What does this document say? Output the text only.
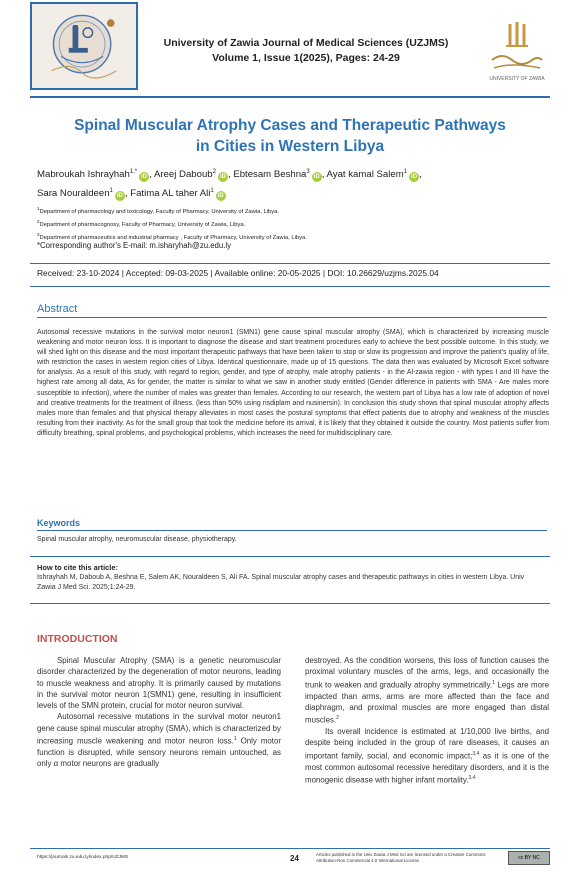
University of Zawia Journal of Medical Sciences (UZJMS)
Volume 1, Issue 1(2025), Pages: 24-29
UNIVERSITY OF ZAWIA
Spinal Muscular Atrophy Cases and Therapeutic Pathways
in Cities in Western Libya
Mabroukah Ishrayhah$^{1,*}$iD , Areej Daboub$^2$iD , Ebtesam Beshna$^3$iD , Ayat kamal Salem$^1$iD ,
Sara Nouraldeen$^1$iD , Fatima AL taher Ali$^1$iD
$^1$Department of pharmacology and toxicology, Faculty of Pharmacy, University of Zawia, Libya.
$^2$Department of pharmacognosy, Faculty of Pharmacy, University of Zawia, Libya.
$^3$Department of pharmaceutics and industrial pharmacy , Faculty of Pharmacy, University of Zawia, Libya.
*Corresponding author's E-mail: m.isharyhah@zu.edu.ly
Received: 23-10-2024 | Accepted: 09-03-2025 | Available online: 20-05-2025 | DOI: 10.26629/uzjms.2025.04
Abstract
Autosomal recessive mutations in the survival motor neuron1 (SMN1) gene cause spinal muscular atrophy (SMA), which is characterized by increasing muscle weakening and motor neuron loss. It is important to diagnose the disease and start treatment procedures early to achieve the best possible outcome. In this study, we will shed light on this disease and the most important therapeutic pathways that have been taken to stop or slow its progression and improve the patient's quality of life, with restriction the cases in western region cities of Libya. Identical questionnaire, made up of 15 questions. The data then was evaluated by Microsoft Excel software for analysis. As a result of this study, with regard to region, gender, and type of atrophy, male atrophy patients - in the Al-zawia region - with types I and III have the highest rate among all data, As for gender, the matter is similar to what we saw in another study entitled (Gender difference in patients with SMA - Are males more susceptible to infection), where the number of males was greater than females. According to our research, the western part of Libya has a low rate of adoption of novel and creative treatments for the treatment of illness. (less than 50% using risdiplam and nusinersin). In conclusion this study shows that spinal muscular atrophy affects males more than females and that physical therapy alleviates in most cases the postural symptoms that effect patients due to atrophy and weakness of the muscles resulting from their inactivity. As for the small group that took the medicine before its arrival, it is likely that they obtained it outside the country. Most patients suffer from difficulty breathing, spinal problems, and psychological problems, which increases the need for multidisciplinary care.
Keywords
Spinal muscular atrophy, neuromuscular disease, physiotherapy.
How to cite this article:
Ishrayhah M, Daboub A, Beshna E, Salem AK, Nouraldeen S, Ali FA. Spinal muscular atrophy cases and therapeutic pathways in cities in western Libya. Univ Zawia J Med Sci. 2025;1:24-29.
INTRODUCTION

Spinal Muscular Atrophy (SMA) is a genetic neuromuscular disorder characterized by the degeneration of motor neurons, leading to muscle weakness and atrophy. It is primarily caused by mutations in the survival motor neuron 1(SMN1) gene, resulting in insufficient levels of the SMN protein, crucial for motor neuron survival.

Autosomal recessive mutations in the survival motor neuron1 gene cause spinal muscular atrophy (SMA), which is characterized by increasing muscle weakening and motor neuron loss.$^1$ Only motor function is disrupted, while sensory neurons remain untouched, as only α motor neurons are gradually

destroyed. As the condition worsens, this loss of function causes the proximal voluntary muscles of the arms, legs, and occasionally the trunk to weaken and gradually atrophy symmetrically.$^1$ Legs are more impacted than arms, arms are more affected than the face and diaphragm, and proximal muscles are more engaged than distal muscles.$^2$

Its overall incidence is estimated at 1/10,000 live births, and despite being included in the group of rare diseases, it causes an important family, social, and economic impact;$^{3,4}$ as it is one of the most common autosomal recessive hereditary disorders, and it is the monogenic disease with higher infant mortality.$^{3,4}$

https://journals.zu.edu.ly/index.php/UZJMS	24	Articles published in the Univ Zawia J Med Sci are licensed under a Creative Commons Attribution-Non Commercial 4.0 International License.	cc BY NC
